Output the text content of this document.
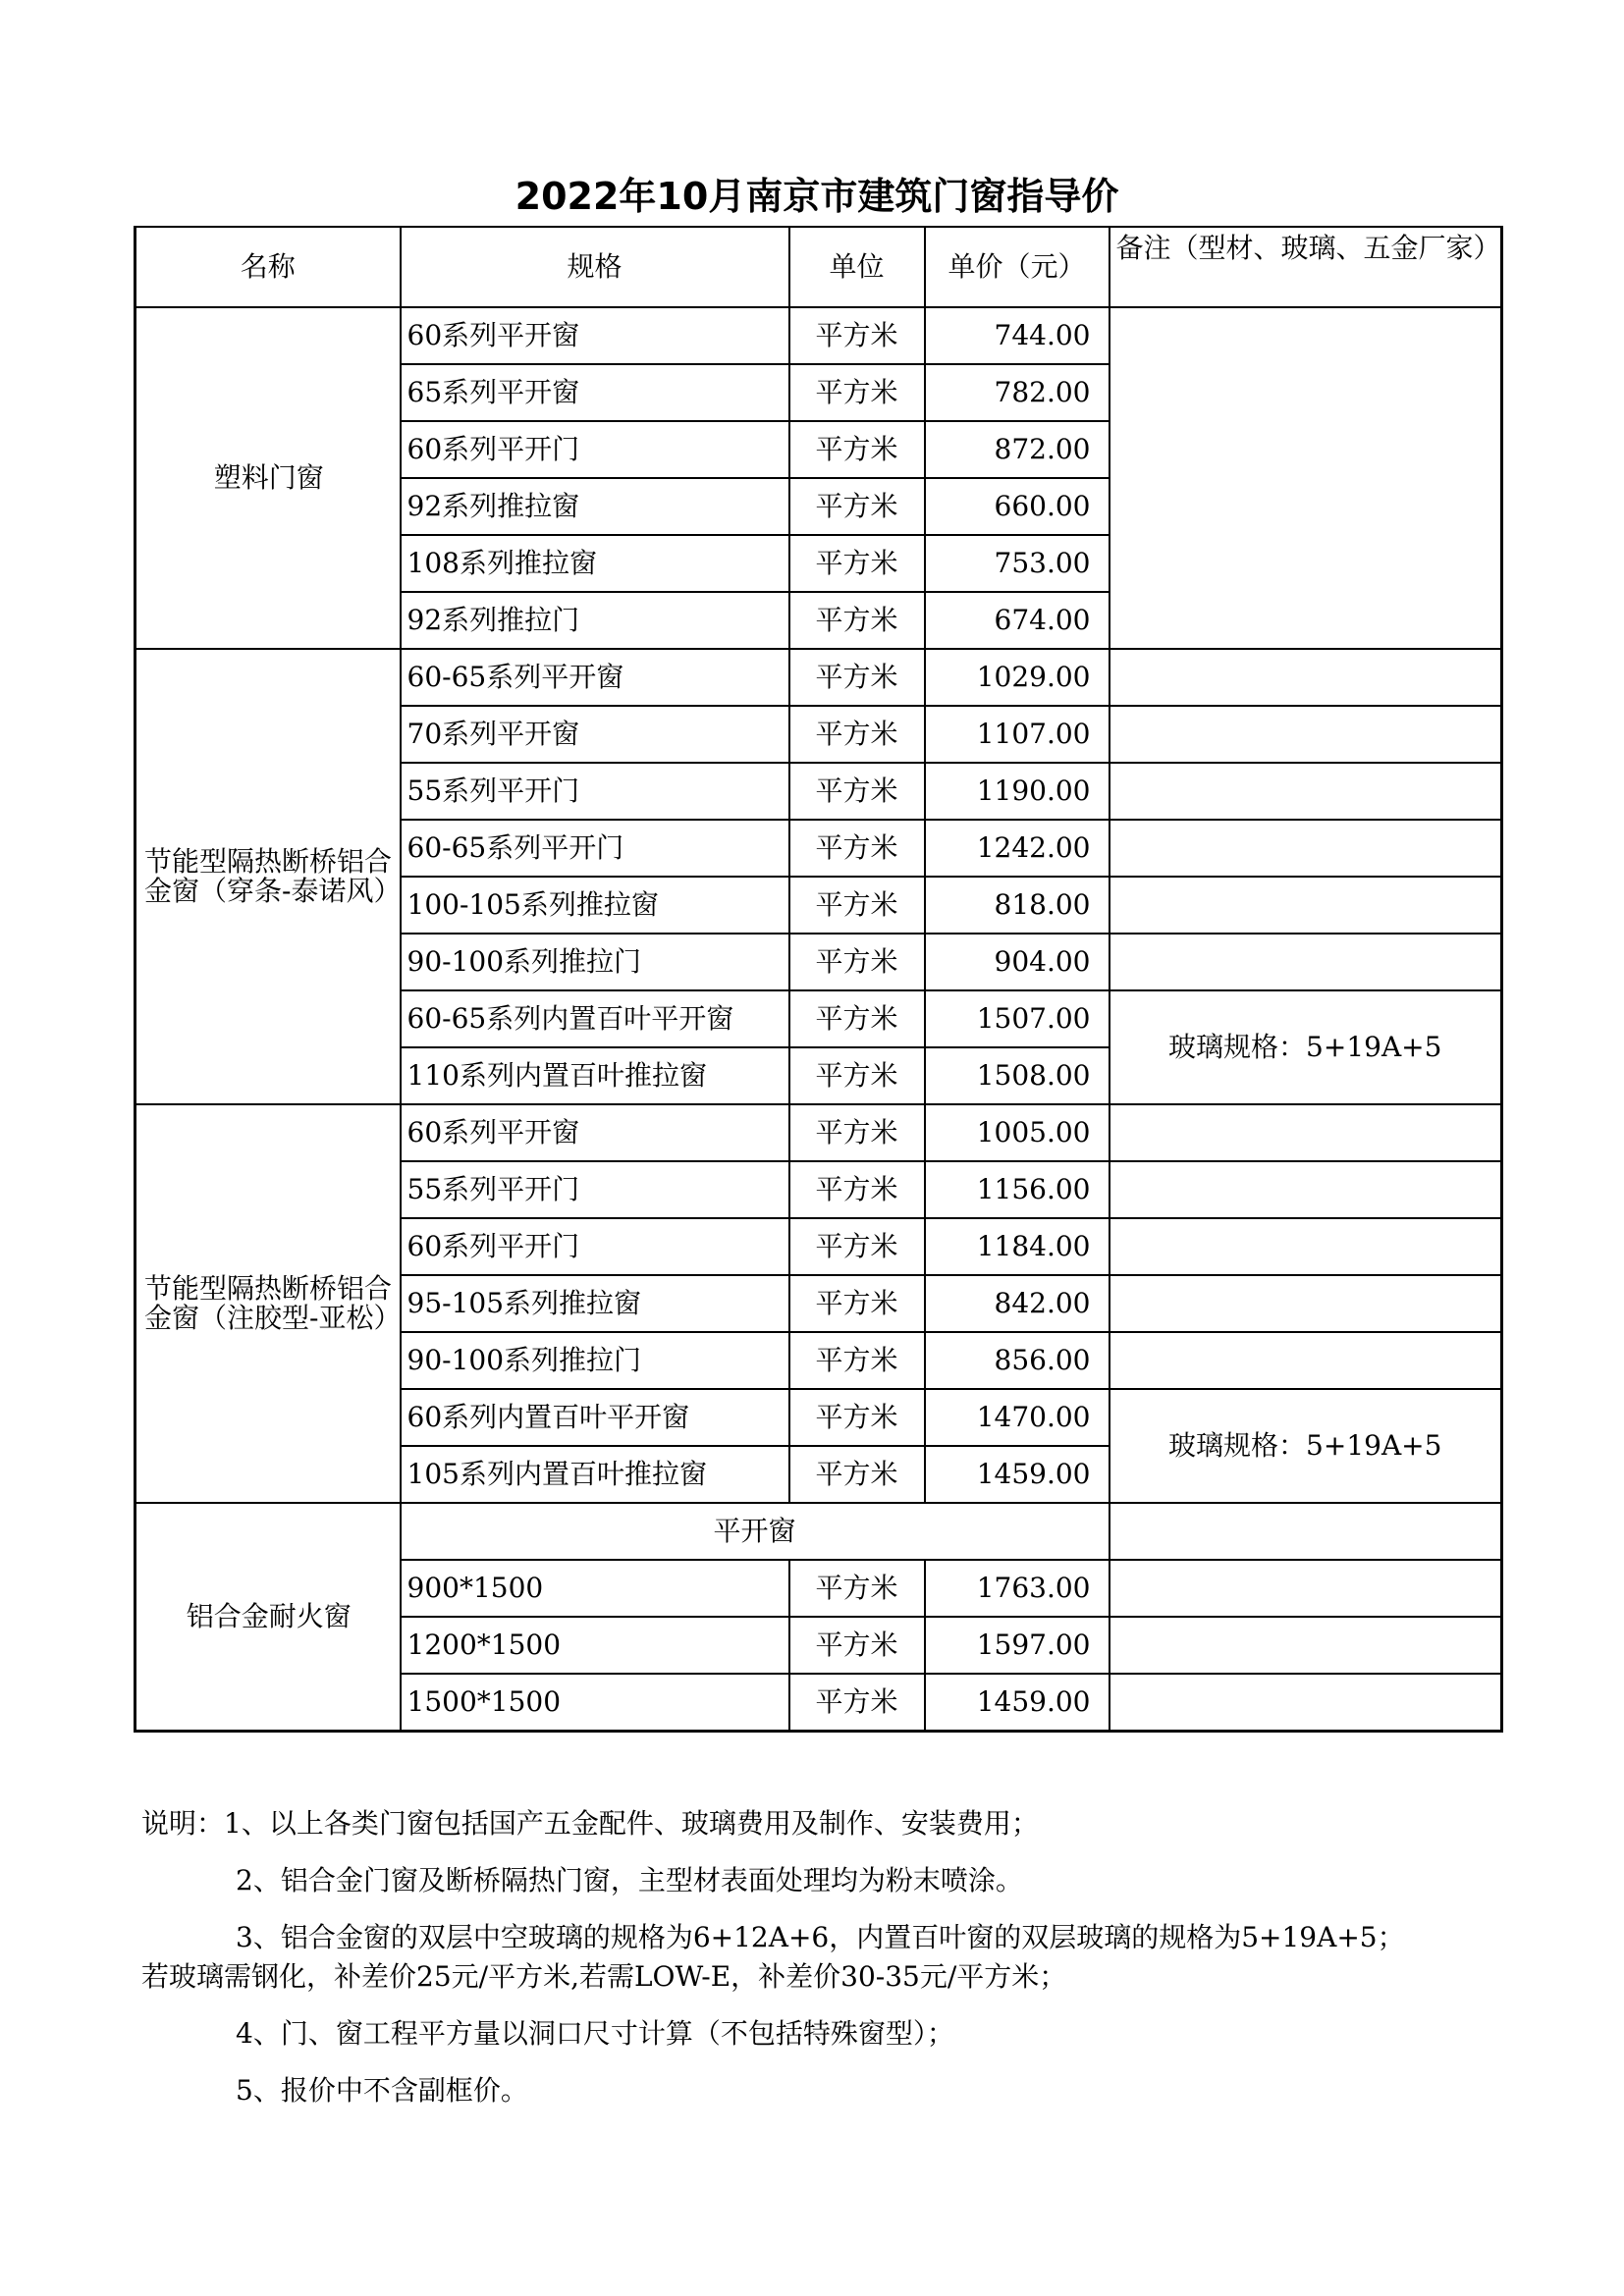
2022年10月南京市建筑门窗指导价
名称	规格	单位	单价（元）	备注（型材、玻璃、五金厂家）
塑料门窗	60系列平开窗	平方米	744.00	
	65系列平开窗	平方米	782.00	
	60系列平开门	平方米	872.00	
	92系列推拉窗	平方米	660.00	
	108系列推拉窗	平方米	753.00	
	92系列推拉门	平方米	674.00	
节能型隔热断桥铝合金窗（穿条-泰诺风）	60-65系列平开窗	平方米	1029.00	
	70系列平开窗	平方米	1107.00	
	55系列平开门	平方米	1190.00	
	60-65系列平开门	平方米	1242.00	
	100-105系列推拉窗	平方米	818.00	
	90-100系列推拉门	平方米	904.00	
	60-65系列内置百叶平开窗	平方米	1507.00	玻璃规格：5+19A+5
	110系列内置百叶推拉窗	平方米	1508.00	
节能型隔热断桥铝合金窗（注胶型-亚松）	60系列平开窗	平方米	1005.00	
	55系列平开门	平方米	1156.00	
	60系列平开门	平方米	1184.00	
	95-105系列推拉窗	平方米	842.00	
	90-100系列推拉门	平方米	856.00	
	60系列内置百叶平开窗	平方米	1470.00	玻璃规格：5+19A+5
	105系列内置百叶推拉窗	平方米	1459.00	
铝合金耐火窗	平开窗			
	900*1500	平方米	1763.00	
	1200*1500	平方米	1597.00	
	1500*1500	平方米	1459.00	

说明：1、以上各类门窗包括国产五金配件、玻璃费用及制作、安装费用；

2、铝合金门窗及断桥隔热门窗，主型材表面处理均为粉末喷涂。

3、铝合金窗的双层中空玻璃的规格为6+12A+6，内置百叶窗的双层玻璃的规格为5+19A+5；

若玻璃需钢化，补差价25元/平方米,若需LOW-E，补差价30-35元/平方米；

4、门、窗工程平方量以洞口尺寸计算（不包括特殊窗型）；

5、报价中不含副框价。
